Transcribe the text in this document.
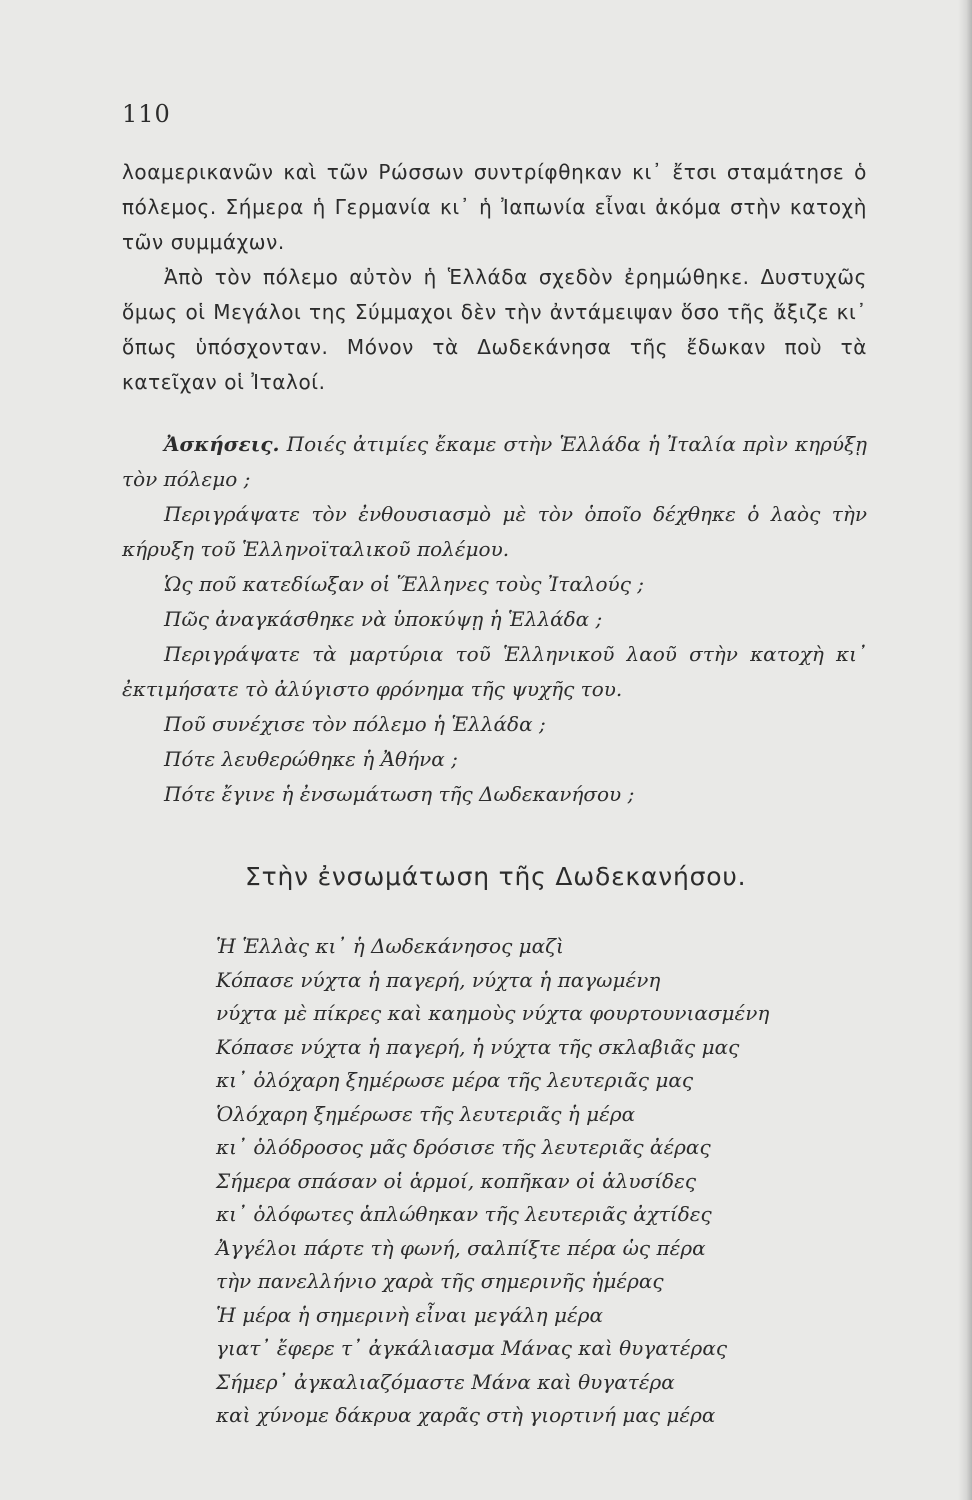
110

λοαμερικανῶν καὶ τῶν Ρώσσων συντρίφθηκαν κι᾿ ἔτσι σταμάτησε ὁ πόλεμος. Σήμερα ἡ Γερμανία κι᾿ ἡ Ἰαπωνία εἶναι ἀκόμα στὴν κατοχὴ τῶν συμμάχων.

Ἀπὸ τὸν πόλεμο αὐτὸν ἡ Ἑλλάδα σχεδὸν ἐρημώθηκε. Δυστυχῶς ὅμως οἱ Μεγάλοι της Σύμμαχοι δὲν τὴν ἀντάμειψαν ὅσο τῆς ἄξιζε κι᾿ ὅπως ὑπόσχονταν. Μόνον τὰ Δωδεκάνησα τῆς ἔδωκαν ποὺ τὰ κατεῖχαν οἱ Ἰταλοί.

Ἀσκήσεις. Ποιές ἀτιμίες ἔκαμε στὴν Ἑλλάδα ἡ Ἰταλία πρὶν κηρύξῃ τὸν πόλεμο ;

Περιγράψατε τὸν ἐνθουσιασμὸ μὲ τὸν ὁποῖο δέχθηκε ὁ λαὸς τὴν κήρυξη τοῦ Ἑλληνοϊταλικοῦ πολέμου.

Ὡς ποῦ κατεδίωξαν οἱ Ἕλληνες τοὺς Ἰταλούς ;

Πῶς ἀναγκάσθηκε νὰ ὑποκύψῃ ἡ Ἑλλάδα ;

Περιγράψατε τὰ μαρτύρια τοῦ Ἑλληνικοῦ λαοῦ στὴν κατοχὴ κι᾿ ἐκτιμήσατε τὸ ἀλύγιστο φρόνημα τῆς ψυχῆς του.

Ποῦ συνέχισε τὸν πόλεμο ἡ Ἑλλάδα ;

Πότε λευθερώθηκε ἡ Ἀθήνα ;

Πότε ἔγινε ἡ ἐνσωμάτωση τῆς Δωδεκανήσου ;

Στὴν ἐνσωμάτωση τῆς Δωδεκανήσου.
Ἡ Ἑλλὰς κι᾿ ἡ Δωδεκάνησος μαζὶ
Κόπασε νύχτα ἡ παγερή, νύχτα ἡ παγωμένη
νύχτα μὲ πίκρες καὶ καημοὺς νύχτα φουρτουνιασμένη
Κόπασε νύχτα ἡ παγερή, ἡ νύχτα τῆς σκλαβιᾶς μας
κι᾿ ὁλόχαρη ξημέρωσε μέρα τῆς λευτεριᾶς μας
Ὁλόχαρη ξημέρωσε τῆς λευτεριᾶς ἡ μέρα
κι᾿ ὁλόδροσος μᾶς δρόσισε τῆς λευτεριᾶς ἀέρας
Σήμερα σπάσαν οἱ ἁρμοί, κοπῆκαν οἱ ἁλυσίδες
κι᾿ ὁλόφωτες ἁπλώθηκαν τῆς λευτεριᾶς ἀχτίδες
Ἀγγέλοι πάρτε τὴ φωνή, σαλπίξτε πέρα ὡς πέρα
τὴν πανελλήνιο χαρὰ τῆς σημερινῆς ἡμέρας
Ἡ μέρα ἡ σημερινὴ εἶναι μεγάλη μέρα
γιατ᾿ ἔφερε τ᾿ ἀγκάλιασμα Μάνας καὶ θυγατέρας
Σήμερ᾿ ἀγκαλιαζόμαστε Μάνα καὶ θυγατέρα
καὶ χύνομε δάκρυα χαρᾶς στὴ γιορτινή μας μέρα
